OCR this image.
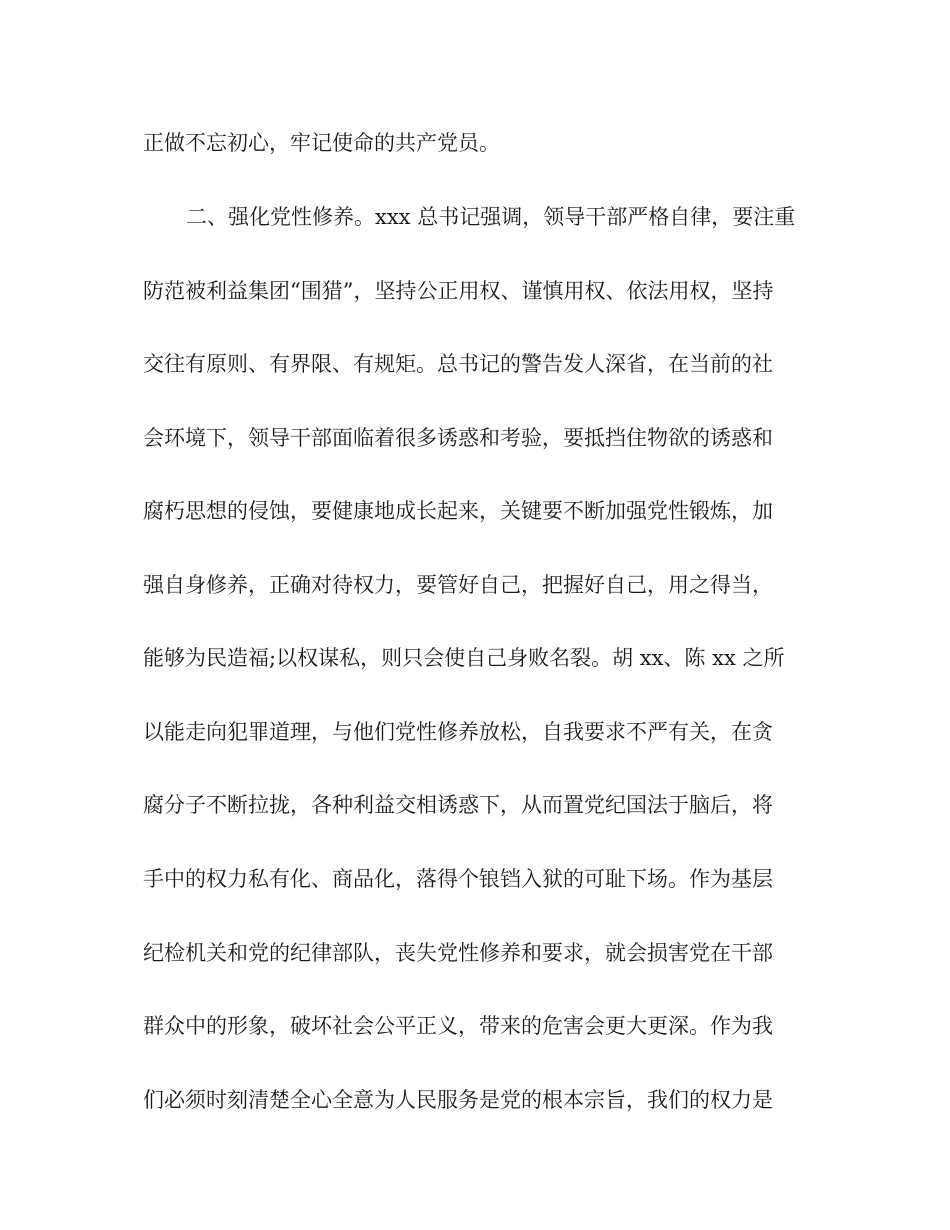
正做不忘初心，牢记使命的共产党员。
二、强化党性修养。xxx 总书记强调，领导干部严格自律，要注重
防范被利益集团“围猎”，坚持公正用权、谨慎用权、依法用权，坚持
交往有原则、有界限、有规矩。总书记的警告发人深省，在当前的社
会环境下，领导干部面临着很多诱惑和考验，要抵挡住物欲的诱惑和
腐朽思想的侵蚀，要健康地成长起来，关键要不断加强党性锻炼，加
强自身修养，正确对待权力，要管好自己，把握好自己，用之得当，
能够为民造福;以权谋私，则只会使自己身败名裂。胡 xx、陈 xx 之所
以能走向犯罪道理，与他们党性修养放松，自我要求不严有关，在贪
腐分子不断拉拢，各种利益交相诱惑下，从而置党纪国法于脑后，将
手中的权力私有化、商品化，落得个锒铛入狱的可耻下场。作为基层
纪检机关和党的纪律部队，丧失党性修养和要求，就会损害党在干部
群众中的形象，破坏社会公平正义，带来的危害会更大更深。作为我
们必须时刻清楚全心全意为人民服务是党的根本宗旨，我们的权力是
